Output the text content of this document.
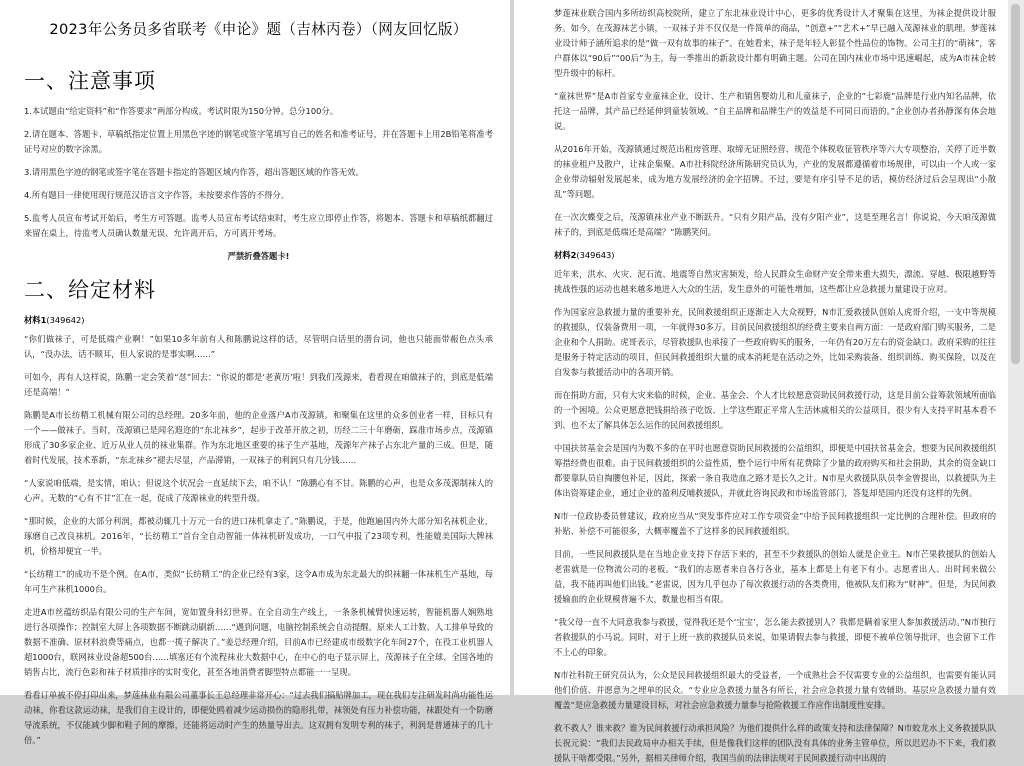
2023年公务员多省联考《申论》题（吉林丙卷）（网友回忆版）
一、注意事项

1.本试题由“给定资料”和“作答要求”两部分构成。考试时限为150分钟。总分100分。

2.请在题本、答题卡、草稿纸指定位置上用黑色字迹的钢笔或签字笔填写自己的姓名和准考证号，并在答题卡上用2B铅笔将准考证号对应的数字涂黑。

3.请用黑色字迹的钢笔或签字笔在答题卡指定的答题区域内作答，超出答题区域的作答无效。

4.所有题目一律使用现行规范汉语言文字作答，未按要求作答的不得分。

5.监考人员宣布考试开始后，考生方可答题。监考人员宣布考试结束时，考生应立即停止作答，将题本、答题卡和草稿纸都翻过来留在桌上，待监考人员确认数量无误、允许离开后，方可离开考场。

严禁折叠答题卡!

二、给定材料
材料1(349642)

“你们做袜子，可是低端产业啊！”如果10多年前有人和陈鹏说这样的话，尽管明白话里的潜台词，他也只能面带赧色点头承认，“没办法，话不顺耳，但人家说的是事实啊……”

可如今，再有人这样说，陈鹏一定会笑着“怼”回去：“你说的都是‘老黄历’啦！到我们茂源来，看看现在咱做袜子的，到底是低端还是高端！”

陈鹏是A市长纺精工机械有限公司的总经理。20多年前，他的企业落户A市茂源镇。和聚集在这里的众多创业者一样，目标只有一个——做袜子。当时，茂源镇已是闻名遐迩的“东北袜乡”，起步于改革开放之初，历经二三十年磨砺，踩准市场步点，茂源镇形成了30多家企业、近万从业人员的袜业集群。作为东北地区重要的袜子生产基地，茂源年产袜子占东北产量的三成。但是，随着时代发展，技术革新，“东北袜乡”褪去尽显，产品滞销，一双袜子的利润只有几分钱……

“人家说咱低端，是实情，咱认；但说这个状况会一直延续下去，咱不认！”陈鹏心有不甘。陈鹏的心声，也是众多茂源制袜人的心声。无数的“心有不甘”汇在一起，促成了茂源袜业的转型升级。

“那时候，企业的大部分利润，都被动辄几十万元一台的进口袜机拿走了。”陈鹏说，于是，他跑遍国内外大部分知名袜机企业，琢磨自己改良袜机。2016年，“长纺精工”首台全自动智能一体袜机研发成功，一口气申报了23项专利，性能媲美国际大牌袜机，价格却便宜一半。

“长纺精工”的成功不是个例。在A市，类似“长纺精工”的企业已经有3家，这令A市成为东北最大的织袜翻一体袜机生产基地，每年可生产袜机1000台。

走进A市丝蕴纺织品有限公司的生产车间，宽如置身科幻世界。在全自动生产线上，一条条机械臂快速运转，智能机器人娴熟地进行各项操作；控制室大屏上各项数据不断跳动刷新……“遇到问题，电脑控制系统会自动提醒。原来人工计数、人工排单导致的数据不准确、原材料浪费等痛点，也都一揽子解决了。”姜总经理介绍，目前A市已经建成市级数字化车间27个，在役工业机器人超1000台，联网袜业设备超500台……填塞还有个流程袜业大数据中心，在中心的电子显示屏上，茂源袜子在全球、全国各地的销售占比，流行色彩和袜子材质排序的实时变化，甚至各地消费者脚型特点都能一一呈现。

看看订单被不停打印出来，梦莲袜业有限公司董事长王总经理非常开心：“过去我们搞贴牌加工，现在我们专注研发时尚功能性运动袜，你看这款运动袜，是我们自主设计的，即便处鸥着减少运动损伤的隐形扎带，袜领处有压力补偿功能，袜跟处有一个防磨导流系统，不仅能减少脚和鞋子间的摩擦，还能将运动时产生的热量导出去。这双拥有发明专利的袜子，利润是普通袜子的几十倍。”

梦莲袜业联合国内多所纺织高校院所，建立了东北袜业设计中心，更多的优秀设计人才聚集在这里，为袜企提供设计服务。如今，在茂源袜艺小镇，一双袜子并不仅仅是一件简单的商品，“创意+”“艺术+”早已融入茂源袜业的肌理。梦莲袜业设计师子涵所追求的是“做一双有故事的袜子”。在她看来，袜子是年轻人彰显个性品位的饰物。公司主打的“萌袜”，客户群体以“90后”“00后”为主，每一季推出的新款设计都有明确主题。公司在国内袜业市场中迅速崛起，成为A市袜企转型升级中的标杆。

“童袜世界”是A市首家专业童袜企业，设计、生产和销售婴幼儿和儿童袜子，企业的“七彩鹿”品牌是行业内知名品牌，依托这一品牌，其产品已经延伸到童装领域。“自主品牌和品牌生产的效益是不可同日而语的。”企业创办者孙静深有体会地说。

从2016年开始，茂源镇通过规范出租房管理、取缔无证照经营、规范个体税收征管秩序等六大专项整治，关停了近半数的袜业租户及散户，让袜企集聚。A市社科院经济所陈研究员认为，产业的发展都遵循着市场规律，可以由一个人或一家企业带动辐射发展起来，成为地方发展经济的金字招牌。不过，要是有序引导不足的话，模仿经济过后会呈现出“小散乱”等问题。

在一次次蝶变之后，茂源镇袜业产业不断跃升。“只有夕阳产品，没有夕阳产业”，这是至理名言！你说说，今天咱茂源做袜子的，到底是低端还是高端？”陈鹏笑问。

材料2(349643)

近年来，洪水、火灾、泥石流、地震等自然灾害频发，给人民群众生命财产安全带来重大损失，漂流、穿越、极限越野等挑战性强的运动也越来越多地进入大众的生活，发生意外的可能性增加，这些都让应急救援力量建设于应对。

作为国家应急救援力量的重要补充，民间救援组织正逐渐走入大众视野，N市汇爱救援队创始人虎哥介绍，一支中等规模的救援队，仅装备费用一项，一年就得30多万。目前民间救援组织的经费主要来自两方面：一是政府部门购买服务，二是企业和个人捐助。虎哥表示，尽管救援队也承接了一些政府购买的服务，一年仍有20万左右的资金缺口。政府采购的往往是服务于特定活动的项目，但民间救援组织大量的成本消耗是在活动之外，比如采购装备、组织训练、购买保险，以及在自发参与救援活动中的各项开销。

而在捐助方面，只有大灾来临的时候，企业、基金会、个人才比较愿意资助民间救援行动，这是目前公益筹款领域所面临的一个困境。公众更愿意把钱捐给孩子吃饭、上学这些跟正平常人生活休戚相关的公益项目，很少有人支持平时基本看不到、也不太了解具体怎么运作的民间救援组织。

中国扶贫基金会是国内为数不多的在平时也愿意资助民间救援的公益组织，即便是中国扶贫基金会，想要为民间救援组织筹措经费也很难。由于民间救援组织的公益性质，整个运行中所有花费除了少量的政府购买和社会捐助，其余的资金缺口都要靠队员自掏腰包补足，因此，探索一条自我造血之路才是长久之计。N市星火救援队队员李金曾提出，以救援队为主体出资筹建企业，通过企业的盈利反哺救援队，并就此咨询民政和市场监管部门，答复却是国内还没有这样的先例。

N市一位政协委员曾建议，政府应当从“突发事件应对工作专项资金”中给予民间救援组织一定比例的合理补偿。但政府的补贴、补偿不可能很多，大概率覆盖不了这样多的民间救援组织。

目前，一些民间救援队是在当地企业支持下存活下来的，甚至不少救援队的创始人就是企业主。N市芒果救援队的创始人老雷就是一位物流公司的老板。“我们的志愿者来自各行各业，基本上都是上有老下有小。志愿者出人、出时间来做公益，我不能再叫他们出钱。”老雷说，因为几乎包办了每次救援行动的各类费用，他被队友们称为“财神”。但是，为民间救援输血的企业规模普遍不大，数量也相当有限。

“我父母一直不大同意我参与救援，觉得我还是个‘宝宝’，怎么能去救援别人？我都是瞒着家里人参加救援活动。”N市独行者救援队的小马说。同时，对于上班一族的救援队员来说，如果请假去参与救援，即便不被单位领导批评，也会留下工作不上心的印象。

N市社科院王研究员认为，公众是民间救援组织最大的受益者，一个成熟社会不仅需要专业的公益组织，也需要有能认同他们价值、并愿意为之埋单的民众。“专业应急救援力量各有所长，社会应急救援力量有效辅助、基层应急救援力量有效覆盖”是应急救援力量建设目标，对社会应急救援力量参与抢险救援工作应作出制度性安排。

救不救人？谁来救？谁为民间救援行动承担风险？为他们提供什么样的政策支持和法律保障？N市蛟龙水上义务救援队队长祝元说：“我们去民政局申办相关手续，但是像我们这样的团队没有具体的业务主管单位，所以迟迟办不下来，我们救援队干啥都受限。”另外，据相关律师介绍，我国当前的法律法规对于民间救援行动中出现的
